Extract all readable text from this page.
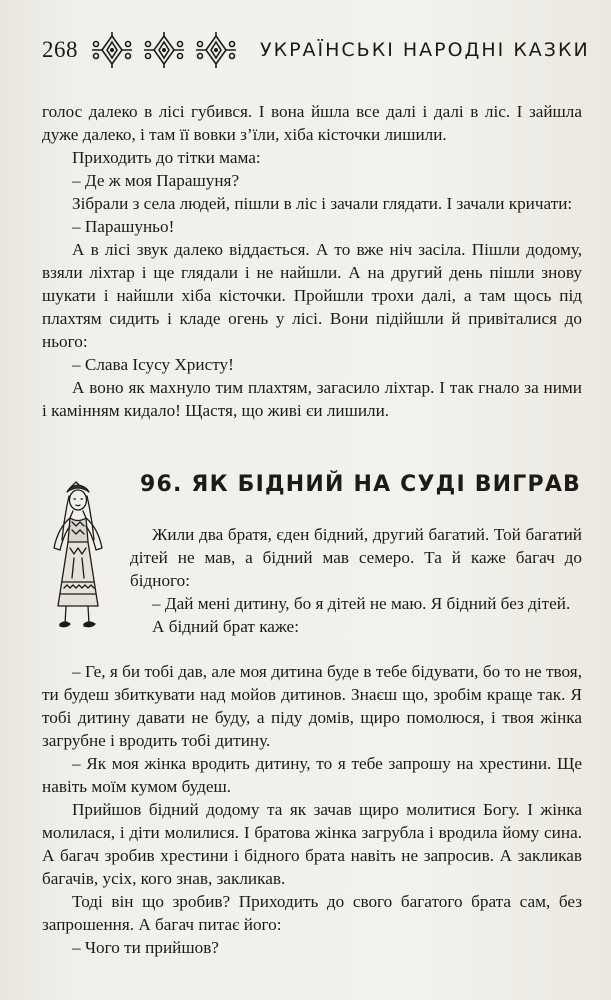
268	УКРАЇНСЬКІ НАРОДНІ КАЗКИ

голос далеко в лісі губився. І вона йшла все далі і далі в ліс. І зайшла дуже далеко, і там її вовки з’їли, хіба кісточки лишили.

Приходить до тітки мама:

– Де ж моя Парашуня?

Зібрали з села людей, пішли в ліс і зачали глядати. І зачали кричати:

– Парашуньо!

А в лісі звук далеко віддається. А то вже ніч засіла. Пішли додому, взяли ліхтар і ще глядали і не найшли. А на другий день пішли знову шукати і найшли хіба кісточки. Пройшли трохи далі, а там щось під плахтям сидить і кладе огень у лісі. Вони підійшли й привіталися до нього:

– Слава Ісусу Христу!

А воно як махнуло тим плахтям, загасило ліхтар. І так гнало за ними і камінням кидало! Щастя, що живі єи лишили.

96. ЯК БІДНИЙ НА СУДІ ВИГРАВ

Жили два братя, єден бідний, другий багатий. Той багатий дітей не мав, а бідний мав семеро. Та й каже багач до бідного:

– Дай мені дитину, бо я дітей не маю. Я бідний без дітей.

А бідний брат каже:

– Ге, я би тобі дав, але моя дитина буде в тебе бідувати, бо то не твоя, ти будеш збиткувати над мойов дитинов. Знаєш що, зробім краще так. Я тобі дитину давати не буду, а піду домів, щиро помолюся, і твоя жінка загрубне і вродить тобі дитину.

– Як моя жінка вродить дитину, то я тебе запрошу на хрестини. Ще навіть моїм кумом будеш.

Прийшов бідний додому та як зачав щиро молитися Богу. І жінка молилася, і діти молилися. І братова жінка загрубла і вродила йому сина. А багач зробив хрестини і бідного брата навіть не запросив. А закликав багачів, усіх, кого знав, закликав.

Тоді він що зробив? Приходить до свого багатого брата сам, без запрошення. А багач питає його:

– Чого ти прийшов?
